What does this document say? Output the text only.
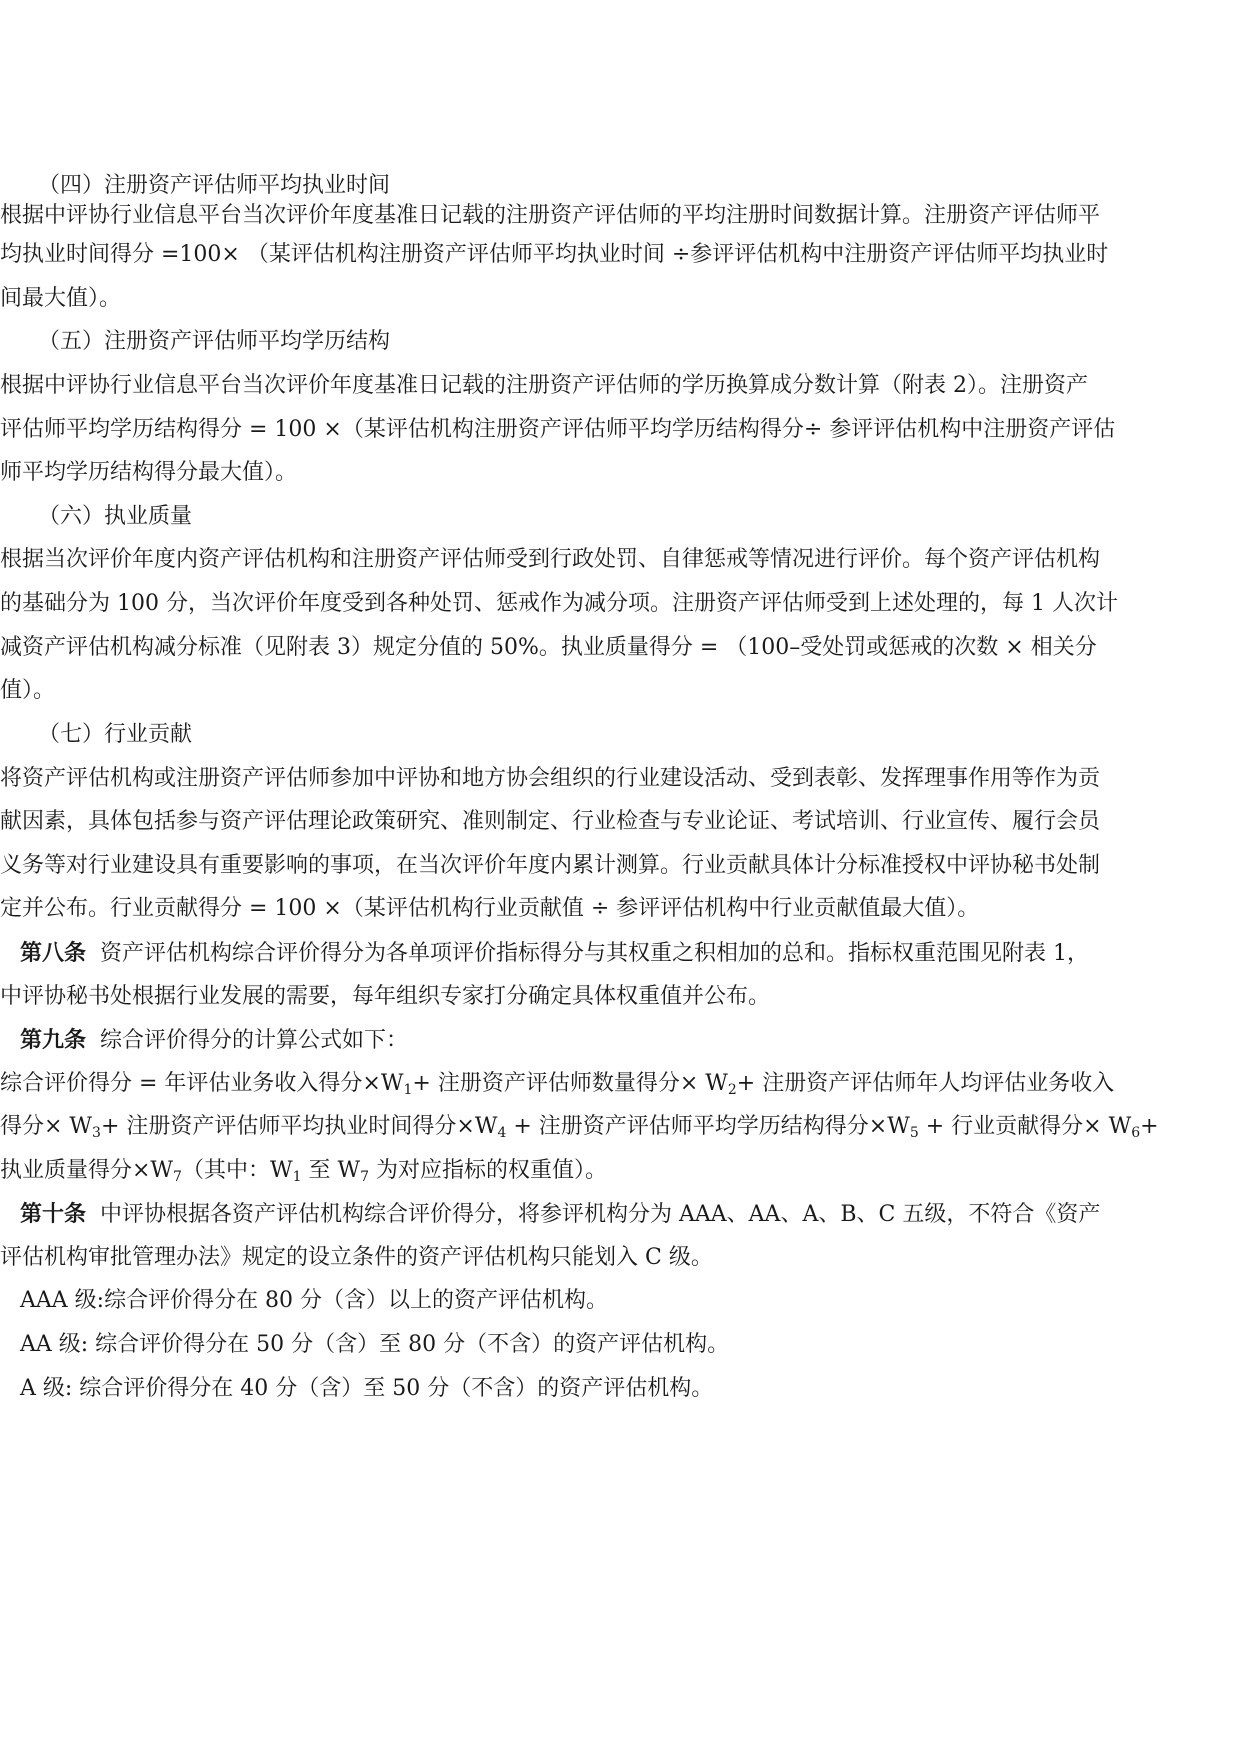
（四）注册资产评估师平均执业时间
根据中评协行业信息平台当次评价年度基准日记载的注册资产评估师的平均注册时间数据计算。注册资产评估师平
均执业时间得分 =100× （某评估机构注册资产评估师平均执业时间 ÷参评评估机构中注册资产评估师平均执业时
间最大值）。
（五）注册资产评估师平均学历结构
根据中评协行业信息平台当次评价年度基准日记载的注册资产评估师的学历换算成分数计算（附表 2）。注册资产
评估师平均学历结构得分 = 100 ×（某评估机构注册资产评估师平均学历结构得分÷ 参评评估机构中注册资产评估
师平均学历结构得分最大值）。
（六）执业质量
根据当次评价年度内资产评估机构和注册资产评估师受到行政处罚、自律惩戒等情况进行评价。每个资产评估机构
的基础分为 100 分，当次评价年度受到各种处罚、惩戒作为减分项。注册资产评估师受到上述处理的，每 1 人次计
减资产评估机构减分标准（见附表 3）规定分值的 50%。执业质量得分 = （100–受处罚或惩戒的次数 × 相关分
值）。
（七）行业贡献
将资产评估机构或注册资产评估师参加中评协和地方协会组织的行业建设活动、受到表彰、发挥理事作用等作为贡
献因素，具体包括参与资产评估理论政策研究、准则制定、行业检查与专业论证、考试培训、行业宣传、履行会员
义务等对行业建设具有重要影响的事项，在当次评价年度内累计测算。行业贡献具体计分标准授权中评协秘书处制
定并公布。行业贡献得分 = 100 ×（某评估机构行业贡献值 ÷ 参评评估机构中行业贡献值最大值）。
第八条 资产评估机构综合评价得分为各单项评价指标得分与其权重之积相加的总和。指标权重范围见附表 1，
中评协秘书处根据行业发展的需要，每年组织专家打分确定具体权重值并公布。
第九条 综合评价得分的计算公式如下：
综合评价得分 = 年评估业务收入得分$\times W_1+$ 注册资产评估师数量得分× $W_2+$ 注册资产评估师年人均评估业务收入
得分× $W_3+$ 注册资产评估师平均执业时间得分$\times W_4$ + 注册资产评估师平均学历结构得分$\times W_5$ + 行业贡献得分× $W_6+$
执业质量得分$\times W_7$（其中：$W_1$ 至 $W_7$ 为对应指标的权重值）。
第十条 中评协根据各资产评估机构综合评价得分，将参评机构分为 AAA、AA、A、B、C 五级，不符合《资产
评估机构审批管理办法》规定的设立条件的资产评估机构只能划入 C 级。
AAA 级:综合评价得分在 80 分（含）以上的资产评估机构。
AA 级: 综合评价得分在 50 分（含）至 80 分（不含）的资产评估机构。
A 级: 综合评价得分在 40 分（含）至 50 分（不含）的资产评估机构。
